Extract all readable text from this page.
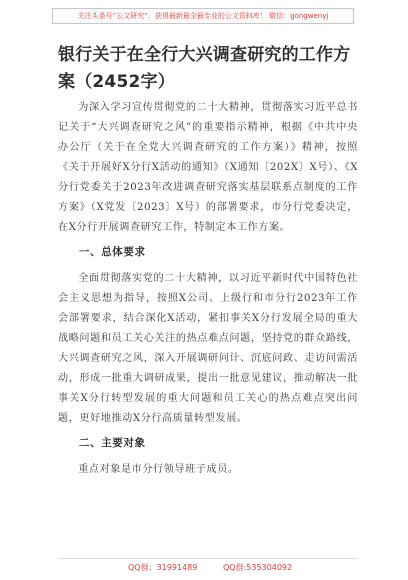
关注头条号“公文研究”，获得最新最全最专业的公文资料库！ 微信：gongwenyj
银行关于在全行大兴调查研究的工作方案（2452字）

为深入学习宣传贯彻党的二十大精神，贯彻落实习近平总书记关于“大兴调查研究之风”的重要指示精神，根据《中共中央办公厅（关于在全党大兴调查研究的工作方案）》精神，按照《关于开展好X分行X活动的通知》（X通知〔202X〕X号）、《X分行党委关于2023年改进调查研究落实基层联系点制度的工作方案》（X党发〔2023〕X号）的部署要求，市分行党委决定，在X分行开展调查研究工作，特制定本工作方案。

一、总体要求

全面贯彻落实党的二十大精神，以习近平新时代中国特色社会主义思想为指导，按照X公司、上级行和市分行2023年工作会部署要求，结合深化X活动，紧扣事关X分行发展全局的重大战略问题和员工关心关注的热点难点问题，坚持党的群众路线，大兴调查研究之风，深入开展调研问计、沉底问政、走访问需活动，形成一批重大调研成果，提出一批意见建议，推动解决一批事关X分行转型发展的重大问题和员工关心的热点难点突出问题，更好地推动X分行高质量转型发展。

二、主要对象

重点对象是市分行领导班子成员。

QQ群：31991489	QQ群:535304092
